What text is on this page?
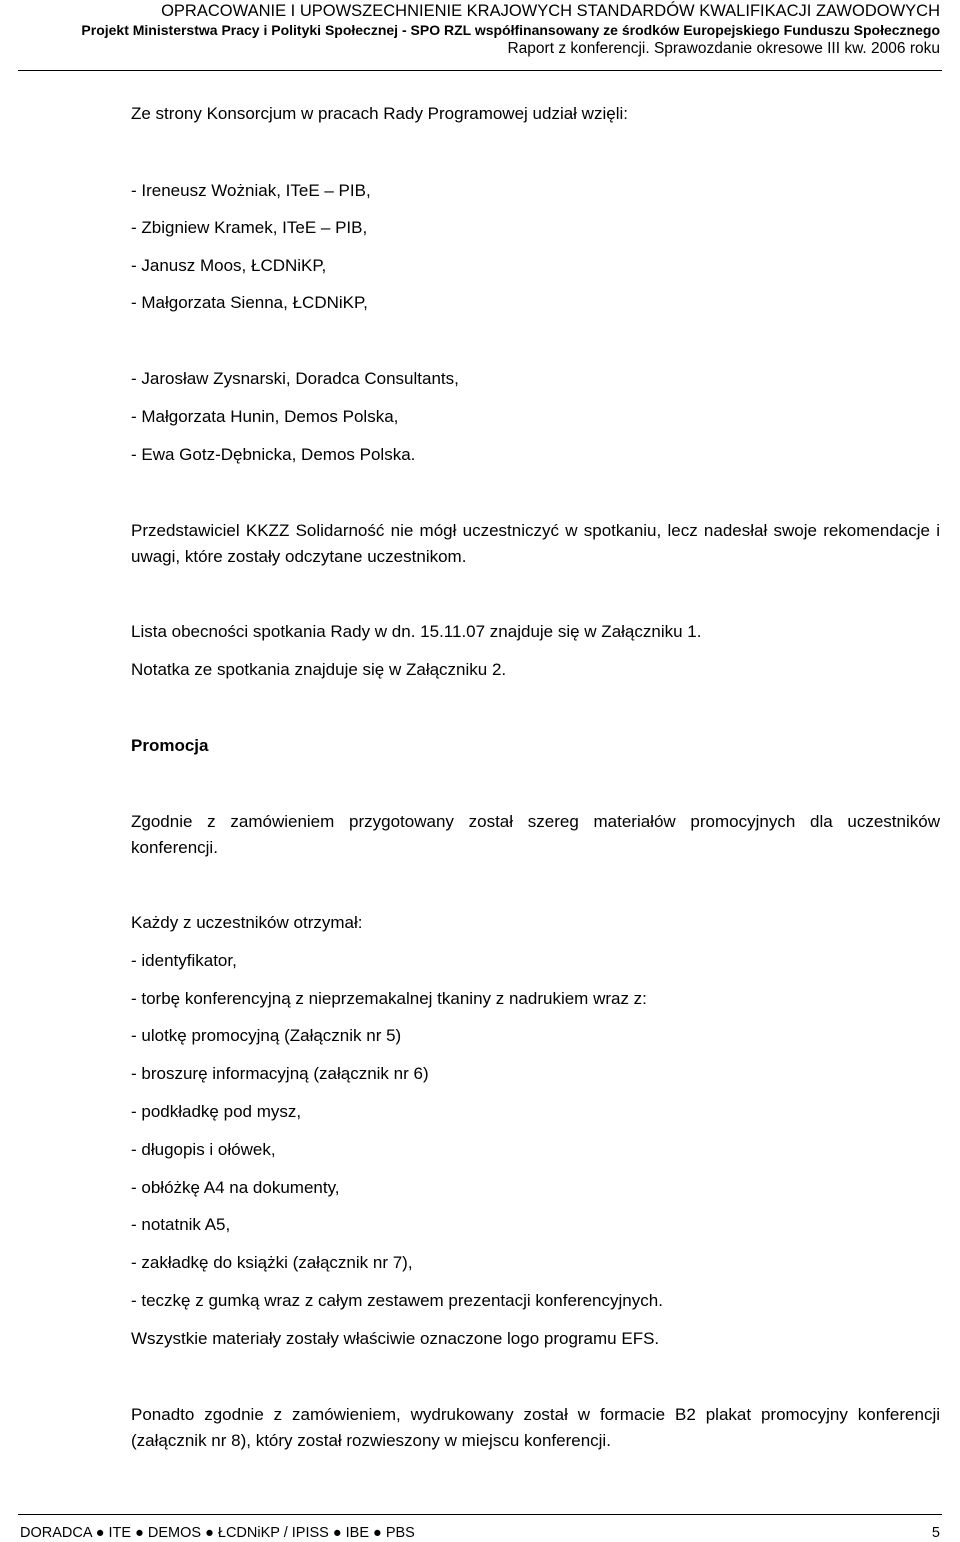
OPRACOWANIE I UPOWSZECHNIENIE KRAJOWYCH STANDARDÓW KWALIFIKACJI ZAWODOWYCH
Projekt Ministerstwa Pracy i Polityki Społecznej - SPO RZL współfinansowany ze środków Europejskiego Funduszu Społecznego
Raport z konferencji. Sprawozdanie okresowe III kw. 2006 roku
Ze strony Konsorcjum w pracach Rady Programowej udział wzięli:
- Ireneusz Wożniak, ITeE – PIB,
- Zbigniew Kramek, ITeE – PIB,
- Janusz Moos, ŁCDNiKP,
- Małgorzata Sienna, ŁCDNiKP,
- Jarosław Zysnarski, Doradca Consultants,
- Małgorzata Hunin, Demos Polska,
- Ewa Gotz-Dębnicka, Demos Polska.
Przedstawiciel KKZZ Solidarność nie mógł uczestniczyć w spotkaniu, lecz nadesłał swoje rekomendacje i uwagi, które zostały odczytane uczestnikom.
Lista obecności spotkania Rady w dn. 15.11.07 znajduje się w Załączniku 1.
Notatka ze spotkania znajduje się w Załączniku 2.
Promocja
Zgodnie z zamówieniem przygotowany został szereg materiałów promocyjnych dla uczestników konferencji.
Każdy z uczestników otrzymał:
- identyfikator,
- torbę konferencyjną z nieprzemakalnej tkaniny z nadrukiem wraz z:
- ulotkę promocyjną (Załącznik nr 5)
- broszurę informacyjną (załącznik nr 6)
- podkładkę pod mysz,
- długopis i ołówek,
- obłóżkę A4 na dokumenty,
- notatnik A5,
- zakładkę do książki (załącznik nr 7),
- teczkę z gumką wraz z całym zestawem prezentacji konferencyjnych.
Wszystkie materiały zostały właściwie oznaczone logo programu EFS.
Ponadto zgodnie z zamówieniem, wydrukowany został w formacie B2 plakat promocyjny konferencji (załącznik nr 8), który został rozwieszony w miejscu konferencji.
DORADCA ● ITE ● DEMOS ● ŁCDNiKP / IPISS ● IBE ● PBS	5
